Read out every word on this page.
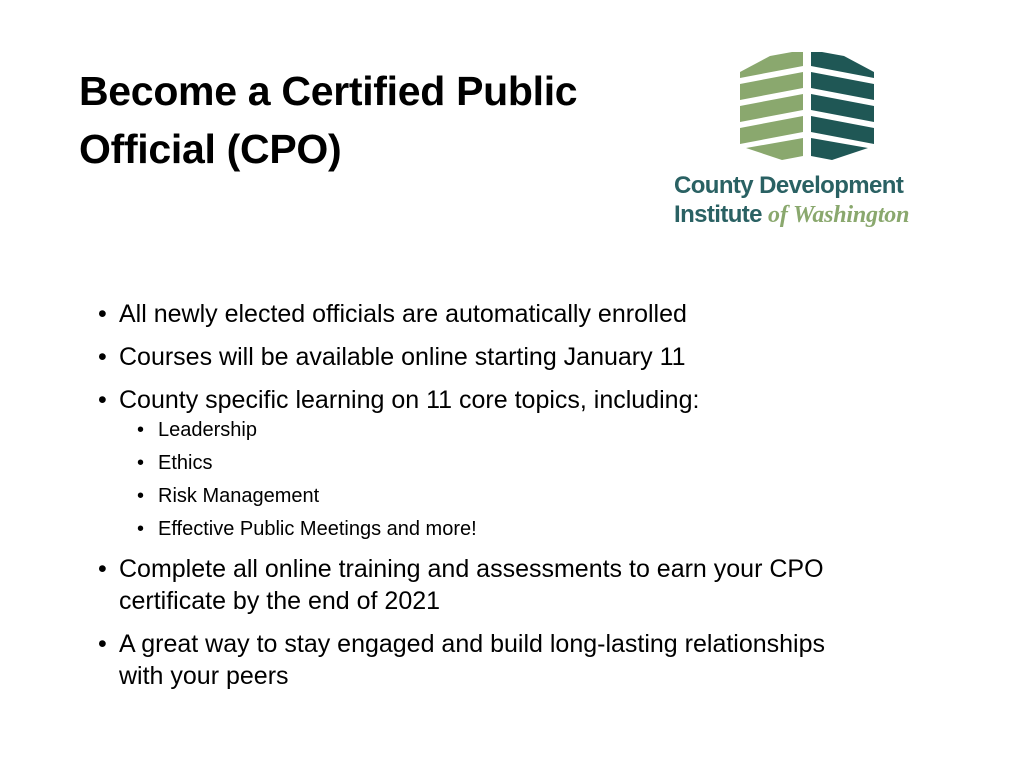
Become a Certified Public
Official (CPO)
County Development
Institute of Washington
• All newly elected officials are automatically enrolled
• Courses will be available online starting January 11
• County specific learning on 11 core topics, including:
• Leadership
• Ethics
• Risk Management
• Effective Public Meetings and more!
• Complete all online training and assessments to earn your CPO
certificate by the end of 2021
• A great way to stay engaged and build long-lasting relationships
with your peers
